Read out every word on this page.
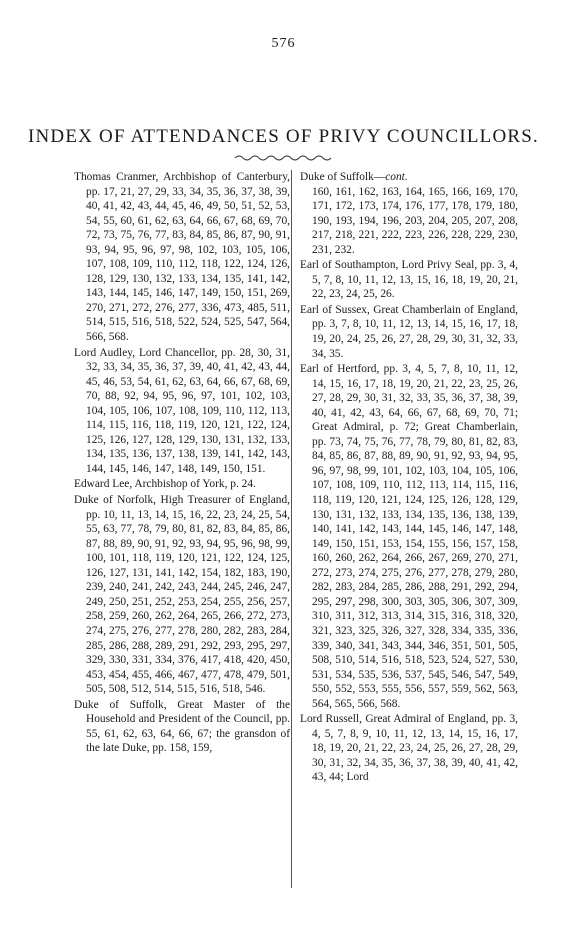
576
INDEX OF ATTENDANCES OF PRIVY COUNCILLORS.

Thomas Cranmer, Archbishop of Canterbury, pp. 17, 21, 27, 29, 33, 34, 35, 36, 37, 38, 39, 40, 41, 42, 43, 44, 45, 46, 49, 50, 51, 52, 53, 54, 55, 60, 61, 62, 63, 64, 66, 67, 68, 69, 70, 72, 73, 75, 76, 77, 83, 84, 85, 86, 87, 90, 91, 93, 94, 95, 96, 97, 98, 102, 103, 105, 106, 107, 108, 109, 110, 112, 118, 122, 124, 126, 128, 129, 130, 132, 133, 134, 135, 141, 142, 143, 144, 145, 146, 147, 149, 150, 151, 269, 270, 271, 272, 276, 277, 336, 473, 485, 511, 514, 515, 516, 518, 522, 524, 525, 547, 564, 566, 568.

Lord Audley, Lord Chancellor, pp. 28, 30, 31, 32, 33, 34, 35, 36, 37, 39, 40, 41, 42, 43, 44, 45, 46, 53, 54, 61, 62, 63, 64, 66, 67, 68, 69, 70, 88, 92, 94, 95, 96, 97, 101, 102, 103, 104, 105, 106, 107, 108, 109, 110, 112, 113, 114, 115, 116, 118, 119, 120, 121, 122, 124, 125, 126, 127, 128, 129, 130, 131, 132, 133, 134, 135, 136, 137, 138, 139, 141, 142, 143, 144, 145, 146, 147, 148, 149, 150, 151.

Edward Lee, Archbishop of York, p. 24.

Duke of Norfolk, High Treasurer of England, pp. 10, 11, 13, 14, 15, 16, 22, 23, 24, 25, 54, 55, 63, 77, 78, 79, 80, 81, 82, 83, 84, 85, 86, 87, 88, 89, 90, 91, 92, 93, 94, 95, 96, 98, 99, 100, 101, 118, 119, 120, 121, 122, 124, 125, 126, 127, 131, 141, 142, 154, 182, 183, 190, 239, 240, 241, 242, 243, 244, 245, 246, 247, 249, 250, 251, 252, 253, 254, 255, 256, 257, 258, 259, 260, 262, 264, 265, 266, 272, 273, 274, 275, 276, 277, 278, 280, 282, 283, 284, 285, 286, 288, 289, 291, 292, 293, 295, 297, 329, 330, 331, 334, 376, 417, 418, 420, 450, 453, 454, 455, 466, 467, 477, 478, 479, 501, 505, 508, 512, 514, 515, 516, 518, 546.

Duke of Suffolk, Great Master of the Household and President of the Council, pp. 55, 61, 62, 63, 64, 66, 67; the gransdon of the late Duke, pp. 158, 159,

Duke of Suffolk—cont.

160, 161, 162, 163, 164, 165, 166, 169, 170, 171, 172, 173, 174, 176, 177, 178, 179, 180, 190, 193, 194, 196, 203, 204, 205, 207, 208, 217, 218, 221, 222, 223, 226, 228, 229, 230, 231, 232.

Earl of Southampton, Lord Privy Seal, pp. 3, 4, 5, 7, 8, 10, 11, 12, 13, 15, 16, 18, 19, 20, 21, 22, 23, 24, 25, 26.

Earl of Sussex, Great Chamberlain of England, pp. 3, 7, 8, 10, 11, 12, 13, 14, 15, 16, 17, 18, 19, 20, 24, 25, 26, 27, 28, 29, 30, 31, 32, 33, 34, 35.

Earl of Hertford, pp. 3, 4, 5, 7, 8, 10, 11, 12, 14, 15, 16, 17, 18, 19, 20, 21, 22, 23, 25, 26, 27, 28, 29, 30, 31, 32, 33, 35, 36, 37, 38, 39, 40, 41, 42, 43, 64, 66, 67, 68, 69, 70, 71; Great Admiral, p. 72; Great Chamberlain, pp. 73, 74, 75, 76, 77, 78, 79, 80, 81, 82, 83, 84, 85, 86, 87, 88, 89, 90, 91, 92, 93, 94, 95, 96, 97, 98, 99, 101, 102, 103, 104, 105, 106, 107, 108, 109, 110, 112, 113, 114, 115, 116, 118, 119, 120, 121, 124, 125, 126, 128, 129, 130, 131, 132, 133, 134, 135, 136, 138, 139, 140, 141, 142, 143, 144, 145, 146, 147, 148, 149, 150, 151, 153, 154, 155, 156, 157, 158, 160, 260, 262, 264, 266, 267, 269, 270, 271, 272, 273, 274, 275, 276, 277, 278, 279, 280, 282, 283, 284, 285, 286, 288, 291, 292, 294, 295, 297, 298, 300, 303, 305, 306, 307, 309, 310, 311, 312, 313, 314, 315, 316, 318, 320, 321, 323, 325, 326, 327, 328, 334, 335, 336, 339, 340, 341, 343, 344, 346, 351, 501, 505, 508, 510, 514, 516, 518, 523, 524, 527, 530, 531, 534, 535, 536, 537, 545, 546, 547, 549, 550, 552, 553, 555, 556, 557, 559, 562, 563, 564, 565, 566, 568.

Lord Russell, Great Admiral of England, pp. 3, 4, 5, 7, 8, 9, 10, 11, 12, 13, 14, 15, 16, 17, 18, 19, 20, 21, 22, 23, 24, 25, 26, 27, 28, 29, 30, 31, 32, 34, 35, 36, 37, 38, 39, 40, 41, 42, 43, 44; Lord
